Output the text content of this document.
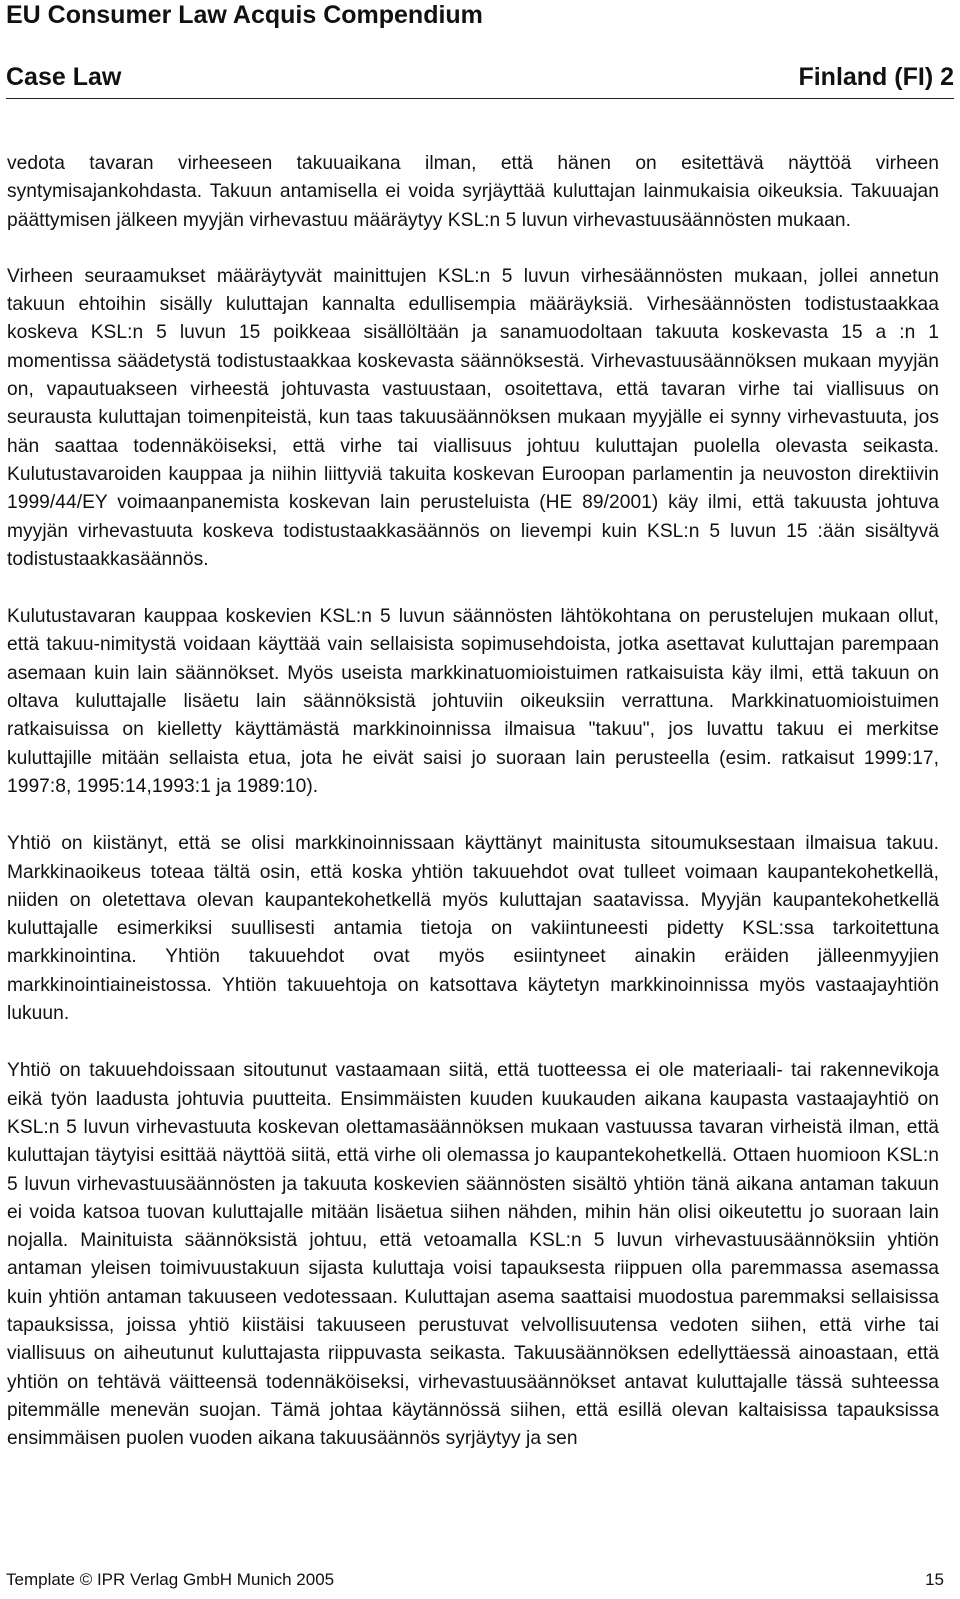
EU Consumer Law Acquis Compendium
Case Law	Finland (FI) 2

vedota tavaran virheeseen takuuaikana ilman, että hänen on esitettävä näyttöä virheen syntymisajankohdasta. Takuun antamisella ei voida syrjäyttää kuluttajan lainmukaisia oikeuksia. Takuuajan päättymisen jälkeen myyjän virhevastuu määräytyy KSL:n 5 luvun virhevastuusäännösten mukaan.

Virheen seuraamukset määräytyvät mainittujen KSL:n 5 luvun virhesäännösten mukaan, jollei annetun takuun ehtoihin sisälly kuluttajan kannalta edullisempia määräyksiä. Virhesäännösten todistustaakkaa koskeva KSL:n 5 luvun 15 poikkeaa sisällöltään ja sanamuodoltaan takuuta koskevasta 15 a :n 1 momentissa säädetystä todistustaakkaa koskevasta säännöksestä. Virhevastuusäännöksen mukaan myyjän on, vapautuakseen virheestä johtuvasta vastuustaan, osoitettava, että tavaran virhe tai viallisuus on seurausta kuluttajan toimenpiteistä, kun taas takuusäännöksen mukaan myyjälle ei synny virhevastuuta, jos hän saattaa todennäköiseksi, että virhe tai viallisuus johtuu kuluttajan puolella olevasta seikasta. Kulutustavaroiden kauppaa ja niihin liittyviä takuita koskevan Euroopan parlamentin ja neuvoston direktiivin 1999/44/EY voimaanpanemista koskevan lain perusteluista (HE 89/2001) käy ilmi, että takuusta johtuva myyjän virhevastuuta koskeva todistustaakkasäännös on lievempi kuin KSL:n 5 luvun 15 :ään sisältyvä todistustaakkasäännös.

Kulutustavaran kauppaa koskevien KSL:n 5 luvun säännösten lähtökohtana on perustelujen mukaan ollut, että takuu-nimitystä voidaan käyttää vain sellaisista sopimusehdoista, jotka asettavat kuluttajan parempaan asemaan kuin lain säännökset. Myös useista markkinatuomioistuimen ratkaisuista käy ilmi, että takuun on oltava kuluttajalle lisäetu lain säännöksistä johtuviin oikeuksiin verrattuna. Markkinatuomioistuimen ratkaisuissa on kielletty käyttämästä markkinoinnissa ilmaisua "takuu", jos luvattu takuu ei merkitse kuluttajille mitään sellaista etua, jota he eivät saisi jo suoraan lain perusteella (esim. ratkaisut 1999:17, 1997:8, 1995:14,1993:1 ja 1989:10).

Yhtiö on kiistänyt, että se olisi markkinoinnissaan käyttänyt mainitusta sitoumuksestaan ilmaisua takuu. Markkinaoikeus toteaa tältä osin, että koska yhtiön takuuehdot ovat tulleet voimaan kaupantekohetkellä, niiden on oletettava olevan kaupantekohetkellä myös kuluttajan saatavissa. Myyjän kaupantekohetkellä kuluttajalle esimerkiksi suullisesti antamia tietoja on vakiintuneesti pidetty KSL:ssa tarkoitettuna markkinointina. Yhtiön takuuehdot ovat myös esiintyneet ainakin eräiden jälleenmyyjien markkinointiaineistossa. Yhtiön takuuehtoja on katsottava käytetyn markkinoinnissa myös vastaajayhtiön lukuun.

Yhtiö on takuuehdoissaan sitoutunut vastaamaan siitä, että tuotteessa ei ole materiaali- tai rakennevikoja eikä työn laadusta johtuvia puutteita. Ensimmäisten kuuden kuukauden aikana kaupasta vastaajayhtiö on KSL:n 5 luvun virhevastuuta koskevan olettamasäännöksen mukaan vastuussa tavaran virheistä ilman, että kuluttajan täytyisi esittää näyttöä siitä, että virhe oli olemassa jo kaupantekohetkellä. Ottaen huomioon KSL:n 5 luvun virhevastuusäännösten ja takuuta koskevien säännösten sisältö yhtiön tänä aikana antaman takuun ei voida katsoa tuovan kuluttajalle mitään lisäetua siihen nähden, mihin hän olisi oikeutettu jo suoraan lain nojalla. Mainituista säännöksistä johtuu, että vetoamalla KSL:n 5 luvun virhevastuusäännöksiin yhtiön antaman yleisen toimivuustakuun sijasta kuluttaja voisi tapauksesta riippuen olla paremmassa asemassa kuin yhtiön antaman takuuseen vedotessaan. Kuluttajan asema saattaisi muodostua paremmaksi sellaisissa tapauksissa, joissa yhtiö kiistäisi takuuseen perustuvat velvollisuutensa vedoten siihen, että virhe tai viallisuus on aiheutunut kuluttajasta riippuvasta seikasta. Takuusäännöksen edellyttäessä ainoastaan, että yhtiön on tehtävä väitteensä todennäköiseksi, virhevastuusäännökset antavat kuluttajalle tässä suhteessa pitemmälle menevän suojan. Tämä johtaa käytännössä siihen, että esillä olevan kaltaisissa tapauksissa ensimmäisen puolen vuoden aikana takuusäännös syrjäytyy ja sen

Template © IPR Verlag GmbH Munich 2005	15
